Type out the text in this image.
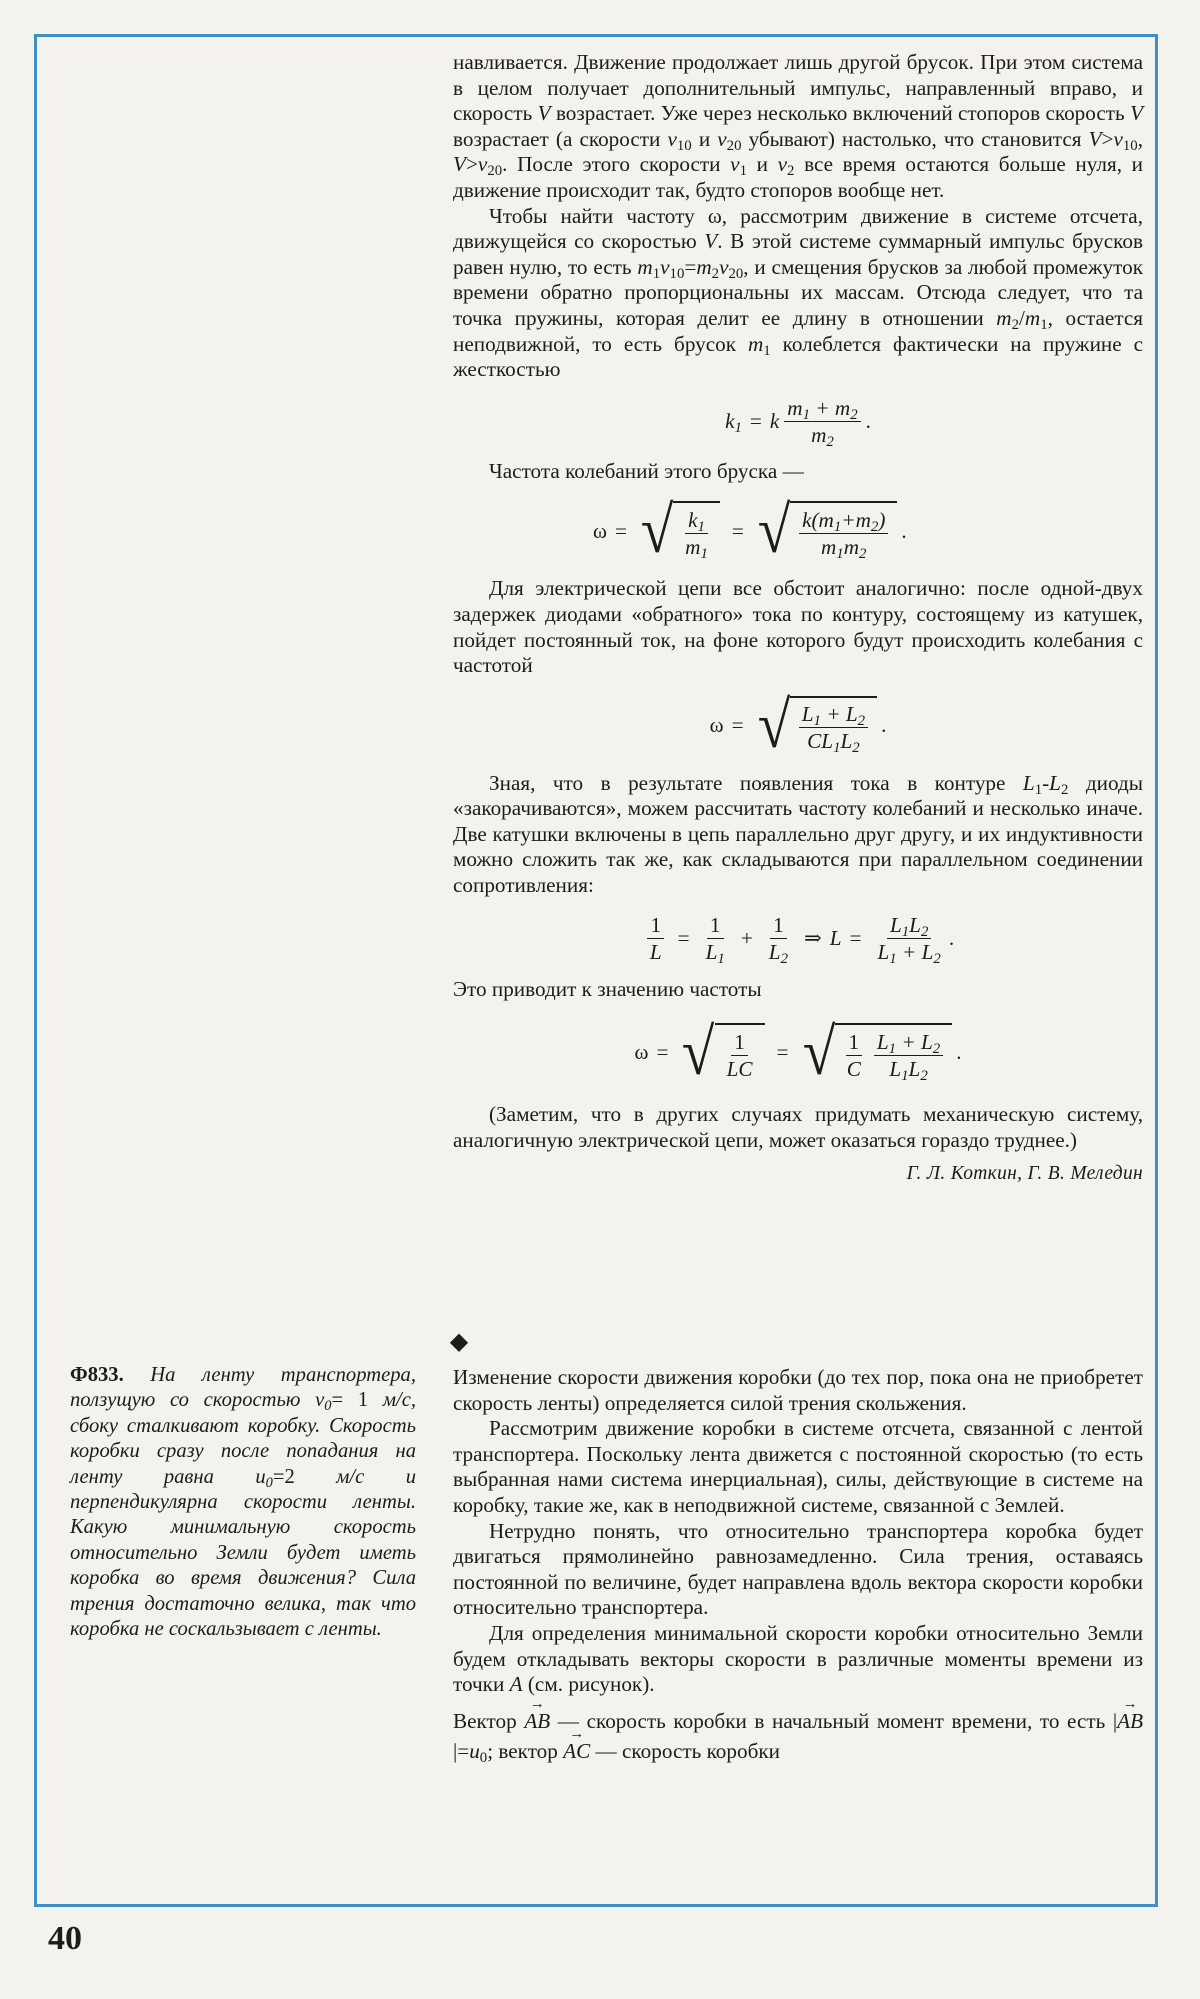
навливается. Движение продолжает лишь другой брусок. При этом система в целом получает дополнительный импульс, направленный вправо, и скорость V возрастает. Уже через несколько включений стопоров скорость V возрастает (а скорости $v_{10}$ и $v_{20}$ убывают) настолько, что становится $V>v_{10}$, $V>v_{20}$. После этого скорости $v_1$ и $v_2$ все время остаются больше нуля, и движение происходит так, будто стопоров вообще нет.

Чтобы найти частоту ω, рассмотрим движение в системе отсчета, движущейся со скоростью V. В этой системе суммарный импульс брусков равен нулю, то есть $m_1v_{10}=m_2v_{20}$, и смещения брусков за любой промежуток времени обратно пропорциональны их массам. Отсюда следует, что та точка пружины, которая делит ее длину в отношении $m_2/m_1$, остается неподвижной, то есть брусок $m_1$ колеблется фактически на пружине с жесткостью

$k_1 = k \frac{m_1 + m_2}{m_2}$ .

Частота колебаний этого бруска —

ω = √ $\frac{k_1}{m_1}$ = √ $\frac{k(m_1+m_2)}{m_1m_2}$ .

Для электрической цепи все обстоит аналогично: после одной-двух задержек диодами «обратного» тока по контуру, состоящему из катушек, пойдет постоянный ток, на фоне которого будут происходить колебания с частотой

ω = √ $\frac{L_1 + L_2}{CL_1L_2}$ .

Зная, что в результате появления тока в контуре $L_1-L_2$ диоды «закорачиваются», можем рассчитать частоту колебаний и несколько иначе. Две катушки включены в цепь параллельно друг другу, и их индуктивности можно сложить так же, как складываются при параллельном соединении сопротивления:

$\frac{1}{L} = \frac{1}{L_1} + \frac{1}{L_2}$ ⇒ $L = \frac{L_1L_2}{L_1 + L_2}$ .

Это приводит к значению частоты

ω = √ $\frac{1}{LC}$ = √ $\frac{1}{C} \frac{L_1 + L_2}{L_1L_2}$ .

(Заметим, что в других случаях придумать механическую систему, аналогичную электрической цепи, может оказаться гораздо труднее.)

Г. Л. Коткин, Г. В. Меледин
◆
Ф833. На ленту транспортера, ползущую со скоростью $v_0= 1$ м/с, сбоку сталкивают коробку. Скорость коробки сразу после попадания на ленту равна $u_0=2$ м/с и перпендикулярна скорости ленты. Какую минимальную скорость относительно Земли будет иметь коробка во время движения? Сила трения достаточно велика, так что коробка не соскальзывает с ленты.

Изменение скорости движения коробки (до тех пор, пока она не приобретет скорость ленты) определяется силой трения скольжения.

Рассмотрим движение коробки в системе отсчета, связанной с лентой транспортера. Поскольку лента движется с постоянной скоростью (то есть выбранная нами система инерциальная), силы, действующие в системе на коробку, такие же, как в неподвижной системе, связанной с Землей.

Нетрудно понять, что относительно транспортера коробка будет двигаться прямолинейно равнозамедленно. Сила трения, оставаясь постоянной по величине, будет направлена вдоль вектора скорости коробки относительно транспортера.

Для определения минимальной скорости коробки относительно Земли будем откладывать векторы скорости в различные моменты времени из точки A (см. рисунок).

Вектор → AB — скорость коробки в начальный момент времени, то есть |→ $AB|=u_0$; вектор → AC — скорость коробки

40
